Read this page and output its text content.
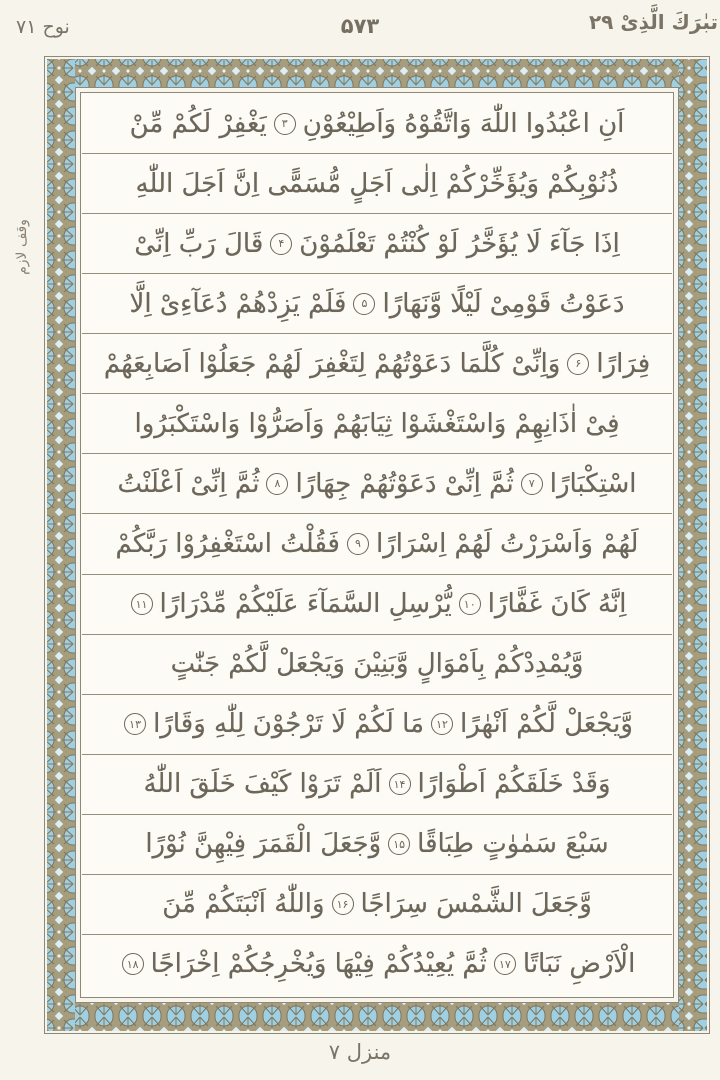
نوح ۷۱	۵۷۳	تبٰرَكَ الَّذِىْ ۲۹
وقف لازم
اَنِ اعْبُدُوا اللّٰهَ وَاتَّقُوْهُ وَاَطِيْعُوْنِ
۳
يَغْفِرْ لَكُمْ مِّنْ
ذُنُوْبِكُمْ وَيُؤَخِّرْكُمْ اِلٰى اَجَلٍ مُّسَمًّى اِنَّ اَجَلَ اللّٰهِ
اِذَا جَآءَ لَا يُؤَخَّرُ لَوْ كُنْتُمْ تَعْلَمُوْنَ
۴
قَالَ رَبِّ اِنِّىْ
دَعَوْتُ قَوْمِىْ لَيْلًا وَّنَهَارًا
۵
فَلَمْ يَزِدْهُمْ دُعَآءِىْ اِلَّا
فِرَارًا
۶
وَاِنِّىْ كُلَّمَا دَعَوْتُهُمْ لِتَغْفِرَ لَهُمْ جَعَلُوْا اَصَابِعَهُمْ
فِىْ اٰذَانِهِمْ وَاسْتَغْشَوْا ثِيَابَهُمْ وَاَصَرُّوْا وَاسْتَكْبَرُوا
اسْتِكْبَارًا
۷
ثُمَّ اِنِّىْ دَعَوْتُهُمْ جِهَارًا
۸
ثُمَّ اِنِّىْ اَعْلَنْتُ
لَهُمْ وَاَسْرَرْتُ لَهُمْ اِسْرَارًا
۹
فَقُلْتُ اسْتَغْفِرُوْا رَبَّكُمْ
اِنَّهُ كَانَ غَفَّارًا
۱۰
يُّرْسِلِ السَّمَآءَ عَلَيْكُمْ مِّدْرَارًا
۱۱
وَّيُمْدِدْكُمْ بِاَمْوَالٍ وَّبَنِيْنَ وَيَجْعَلْ لَّكُمْ جَنّٰتٍ
وَّيَجْعَلْ لَّكُمْ اَنْهٰرًا
۱۲
مَا لَكُمْ لَا تَرْجُوْنَ لِلّٰهِ وَقَارًا
۱۳
وَقَدْ خَلَقَكُمْ اَطْوَارًا
۱۴
اَلَمْ تَرَوْا كَيْفَ خَلَقَ اللّٰهُ
سَبْعَ سَمٰوٰتٍ طِبَاقًا
۱۵
وَّجَعَلَ الْقَمَرَ فِيْهِنَّ نُوْرًا
وَّجَعَلَ الشَّمْسَ سِرَاجًا
۱۶
وَاللّٰهُ اَنْبَتَكُمْ مِّنَ
الْاَرْضِ نَبَاتًا
۱۷
ثُمَّ يُعِيْدُكُمْ فِيْهَا وَيُخْرِجُكُمْ اِخْرَاجًا
۱۸
منزل ۷
